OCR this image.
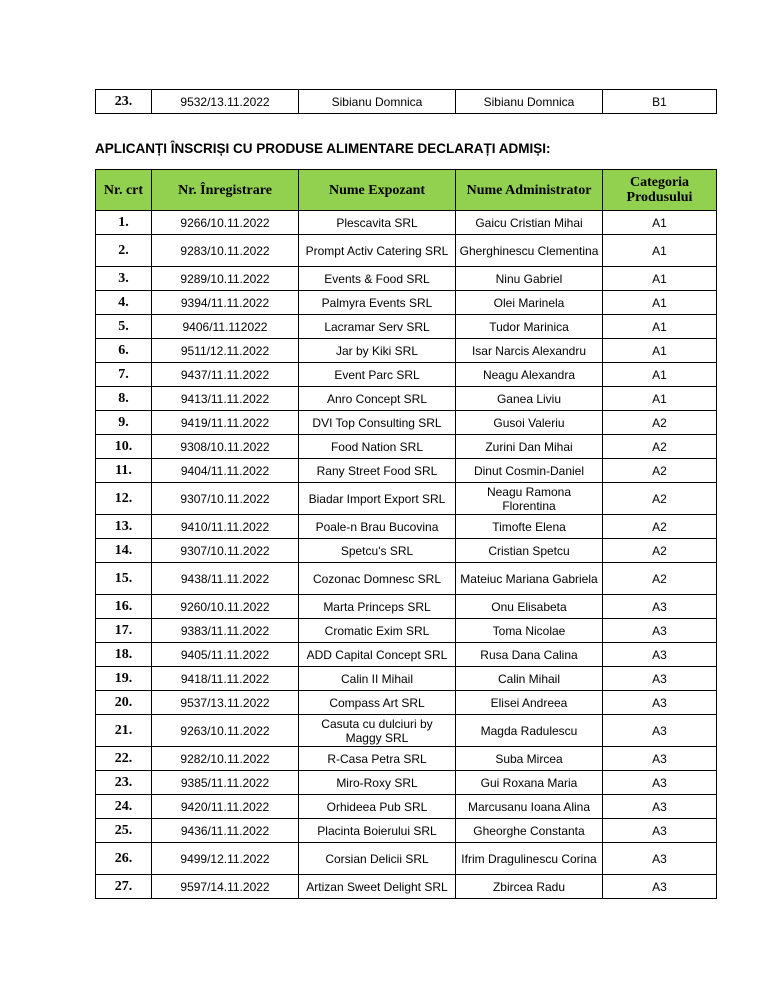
23.	9532/13.11.2022	Sibianu Domnica	Sibianu Domnica	B1
APLICANȚI ÎNSCRIȘI CU PRODUSE ALIMENTARE DECLARAȚI ADMIȘI:
Nr. crt	Nr. Înregistrare	Nume Expozant	Nume Administrator	Categoria Produsului
1.	9266/10.11.2022	Plescavita SRL	Gaicu Cristian Mihai	A1
2.	9283/10.11.2022	Prompt Activ Catering SRL	Gherghinescu Clementina	A1
3.	9289/10.11.2022	Events & Food SRL	Ninu Gabriel	A1
4.	9394/11.11.2022	Palmyra Events SRL	Olei Marinela	A1
5.	9406/11.112022	Lacramar Serv SRL	Tudor Marinica	A1
6.	9511/12.11.2022	Jar by Kiki SRL	Isar Narcis Alexandru	A1
7.	9437/11.11.2022	Event Parc SRL	Neagu Alexandra	A1
8.	9413/11.11.2022	Anro Concept SRL	Ganea Liviu	A1
9.	9419/11.11.2022	DVI Top Consulting SRL	Gusoi Valeriu	A2
10.	9308/10.11.2022	Food Nation SRL	Zurini Dan Mihai	A2
11.	9404/11.11.2022	Rany Street Food SRL	Dinut Cosmin-Daniel	A2
12.	9307/10.11.2022	Biadar Import Export SRL	Neagu Ramona Florentina	A2
13.	9410/11.11.2022	Poale-n Brau Bucovina	Timofte Elena	A2
14.	9307/10.11.2022	Spetcu's SRL	Cristian Spetcu	A2
15.	9438/11.11.2022	Cozonac Domnesc SRL	Mateiuc Mariana Gabriela	A2
16.	9260/10.11.2022	Marta Princeps SRL	Onu Elisabeta	A3
17.	9383/11.11.2022	Cromatic Exim SRL	Toma Nicolae	A3
18.	9405/11.11.2022	ADD Capital Concept SRL	Rusa Dana Calina	A3
19.	9418/11.11.2022	Calin II Mihail	Calin Mihail	A3
20.	9537/13.11.2022	Compass Art SRL	Elisei Andreea	A3
21.	9263/10.11.2022	Casuta cu dulciuri by Maggy SRL	Magda Radulescu	A3
22.	9282/10.11.2022	R-Casa Petra SRL	Suba Mircea	A3
23.	9385/11.11.2022	Miro-Roxy SRL	Gui Roxana Maria	A3
24.	9420/11.11.2022	Orhideea Pub SRL	Marcusanu Ioana Alina	A3
25.	9436/11.11.2022	Placinta Boierului SRL	Gheorghe Constanta	A3
26.	9499/12.11.2022	Corsian Delicii SRL	Ifrim Dragulinescu Corina	A3
27.	9597/14.11.2022	Artizan Sweet Delight SRL	Zbircea Radu	A3
